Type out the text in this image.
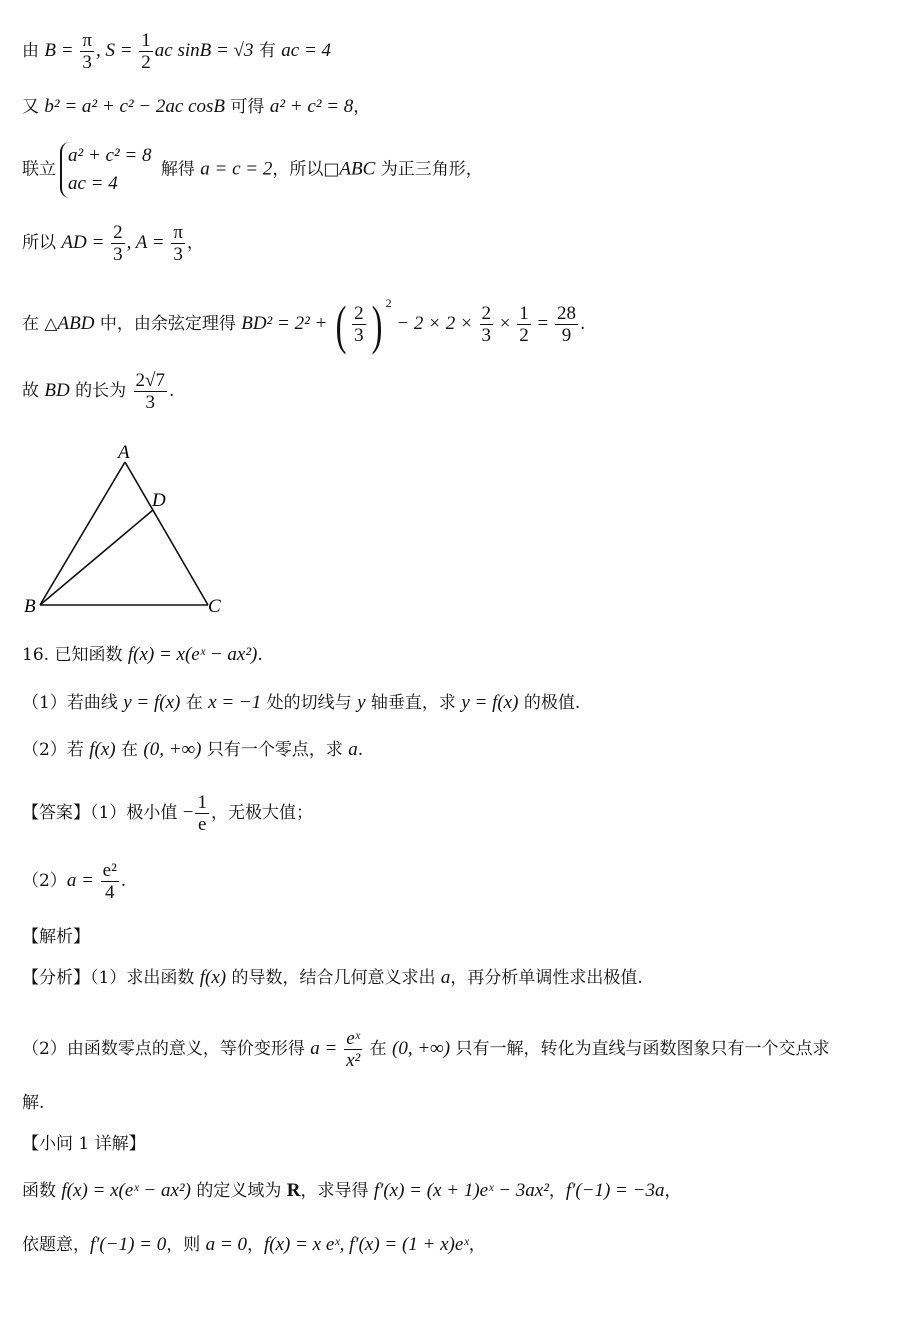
由 $B = \frac{\pi}{3}$ , $S = \frac{1}{2}$ ac sinB = √3 有 ac = 4
又 b² = a² + c² − 2ac cosB 可得 a² + c² = 8，
联立
a² + c² = 8
ac = 4
解得 a = c = 2，所以□ABC 为正三角形，
所以 AD = $\frac{2}{3}$ , $A = \frac{\pi}{3}$ ，
在 △ABD 中，由余弦定理得 BD² = 2² + ( $\frac{2}{3}$ ) $^2 - 2 \times 2 \times \frac{2}{3} \times \frac{1}{2} = \frac{28}{9}$ .
故 BD 的长为 $\frac{2√7}{3}$ .
A
B	C
D
16. 已知函数 f(x) = x(eˣ − ax²).
（1）若曲线 y = f(x) 在 x = −1 处的切线与 y 轴垂直，求 y = f(x) 的极值.
（2）若 f(x) 在 (0, +∞) 只有一个零点，求 a.
【答案】（1）极小值 − $\frac{1}{e}$ ，无极大值；
$(2)a = \frac{\text{e²}}{4}$ .
【解析】
【分析】（1）求出函数 f(x) 的导数，结合几何意义求出 a，再分析单调性求出极值.
（2）由函数零点的意义，等价变形得 $a = \frac{\text{eˣ}}{\text{x²}}$ 在 (0, +∞) 只有一解，转化为直线与函数图象只有一个交点求
解.
【小问 1 详解】
函数 f(x) = x(eˣ − ax²) 的定义域为 R，求导得 f′(x) = (x + 1)eˣ − 3ax²，f′(−1) = −3a，
依题意，f′(−1) = 0，则 a = 0，f(x) = x eˣ, f′(x) = (1 + x)eˣ，
